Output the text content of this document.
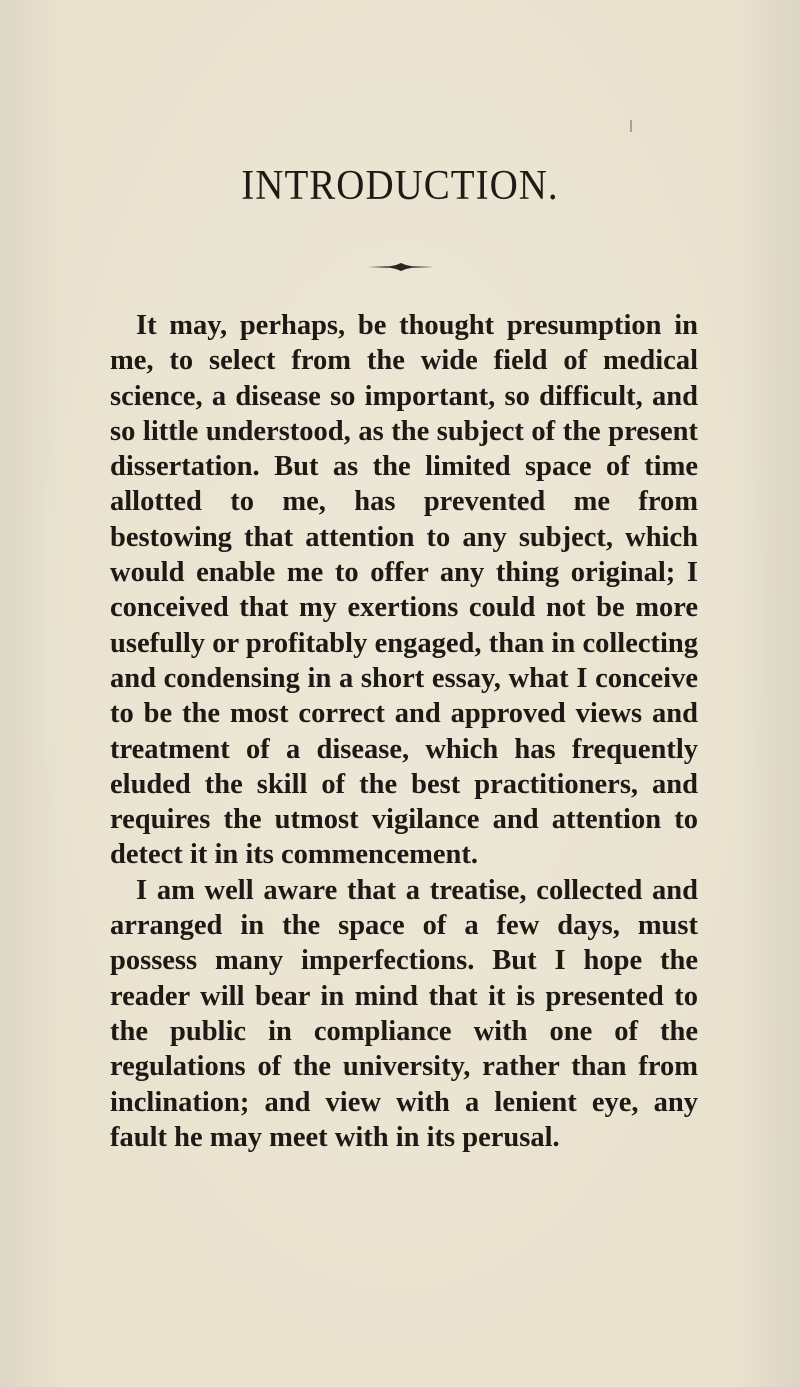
INTRODUCTION.

It may, perhaps, be thought presumption in me, to select from the wide field of medical science, a disease so important, so difficult, and so little understood, as the subject of the present dissertation. But as the limited space of time allotted to me, has prevented me from bestowing that attention to any subject, which would enable me to offer any thing original; I conceived that my exertions could not be more usefully or profitably engaged, than in collecting and condensing in a short essay, what I conceive to be the most correct and approved views and treatment of a disease, which has frequently eluded the skill of the best practitioners, and requires the utmost vigilance and attention to detect it in its commencement.

I am well aware that a treatise, collected and arranged in the space of a few days, must possess many imperfections. But I hope the reader will bear in mind that it is presented to the public in compliance with one of the regulations of the university, rather than from inclination; and view with a lenient eye, any fault he may meet with in its perusal.
